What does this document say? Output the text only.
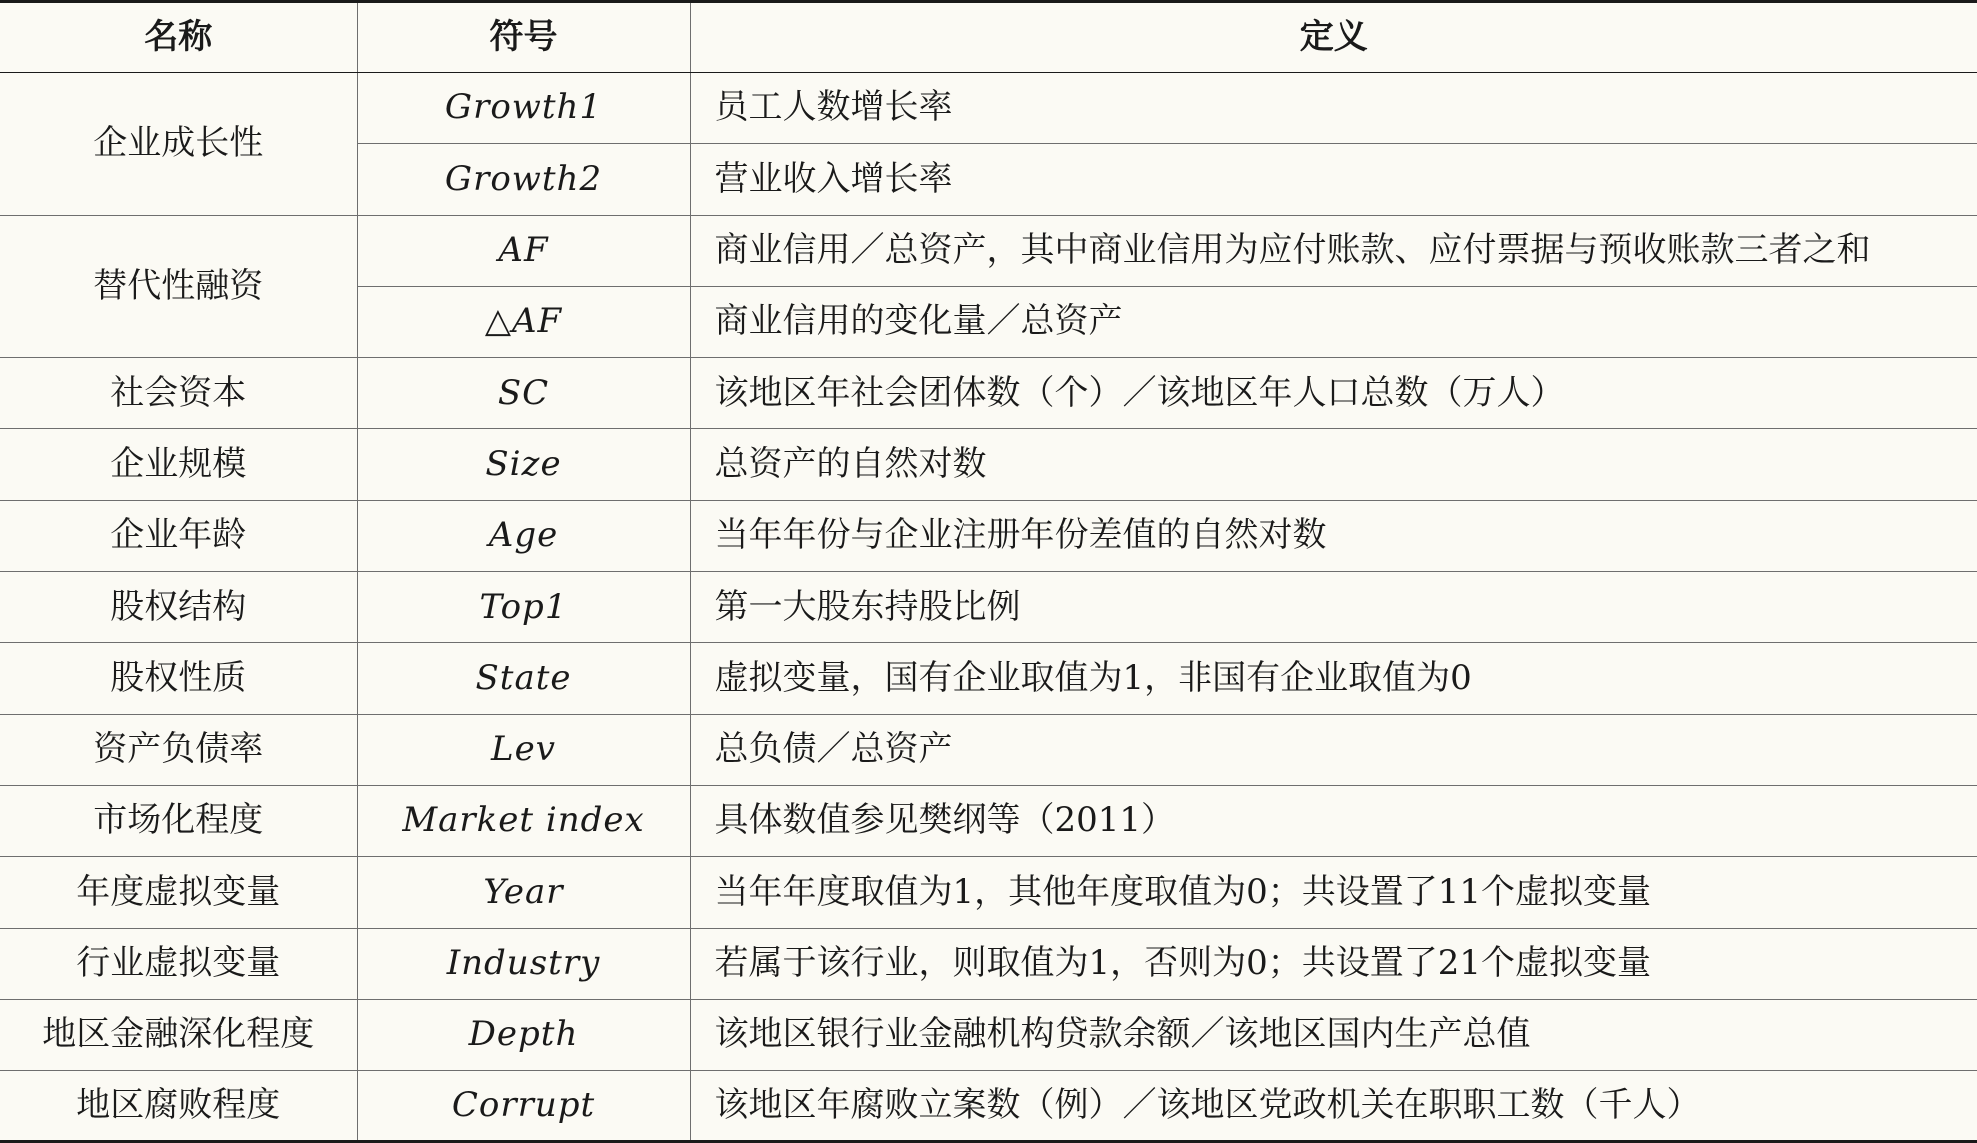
名称	符号	定义
企业成长性	Growth1	员工人数增长率
	Growth2	营业收入增长率
替代性融资	AF	商业信用／总资产，其中商业信用为应付账款、应付票据与预收账款三者之和
	△AF	商业信用的变化量／总资产
社会资本	SC	该地区年社会团体数（个）／该地区年人口总数（万人）
企业规模	Size	总资产的自然对数
企业年龄	Age	当年年份与企业注册年份差值的自然对数
股权结构	Top1	第一大股东持股比例
股权性质	State	虚拟变量，国有企业取值为1，非国有企业取值为0
资产负债率	Lev	总负债／总资产
市场化程度	Market index	具体数值参见樊纲等（2011）
年度虚拟变量	Year	当年年度取值为1，其他年度取值为0；共设置了11个虚拟变量
行业虚拟变量	Industry	若属于该行业，则取值为1，否则为0；共设置了21个虚拟变量
地区金融深化程度	Depth	该地区银行业金融机构贷款余额／该地区国内生产总值
地区腐败程度	Corrupt	该地区年腐败立案数（例）／该地区党政机关在职职工数（千人）
